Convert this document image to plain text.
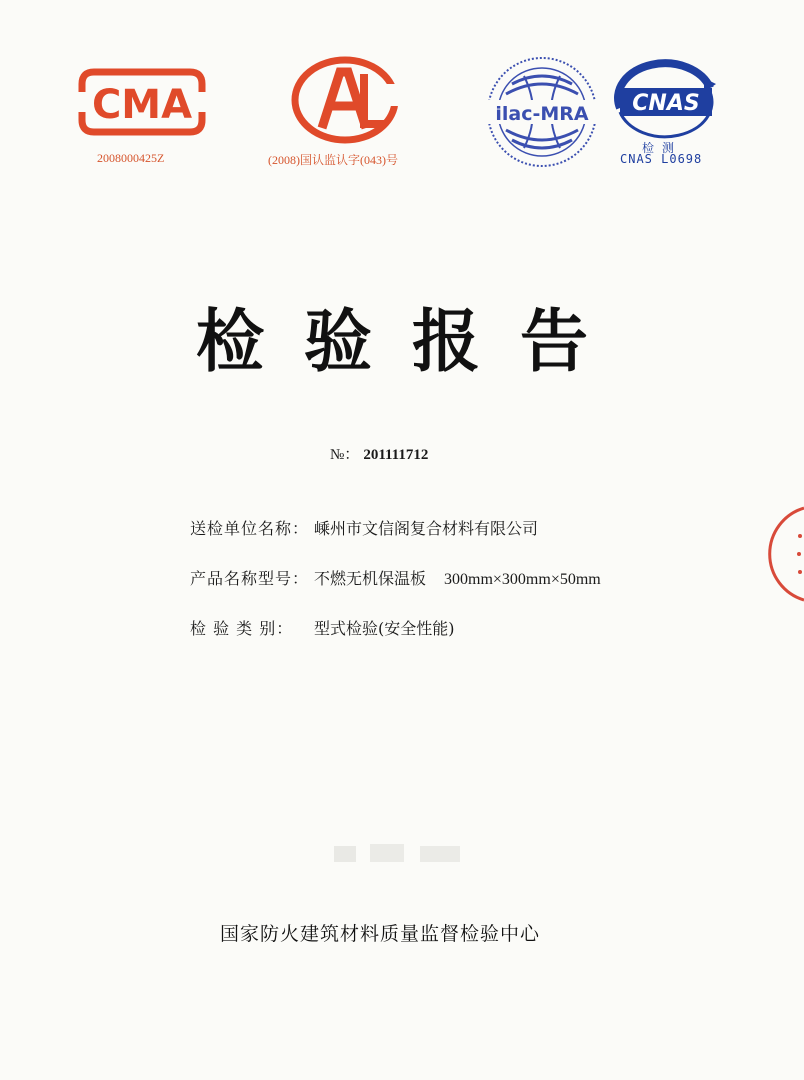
CMA
2008000425Z
CAL
(2008)国认监认字(043)号
ilac-MRA CNAS
检测
CNAS L0698
检验报告
№： 201111712
送检单位名称： 嵊州市文信阁复合材料有限公司
产品名称型号： 不燃无机保温板 300mm×300mm×50mm
检 验 类 别： 型式检验(安全性能)
国家防火建筑材料质量监督检验中心
